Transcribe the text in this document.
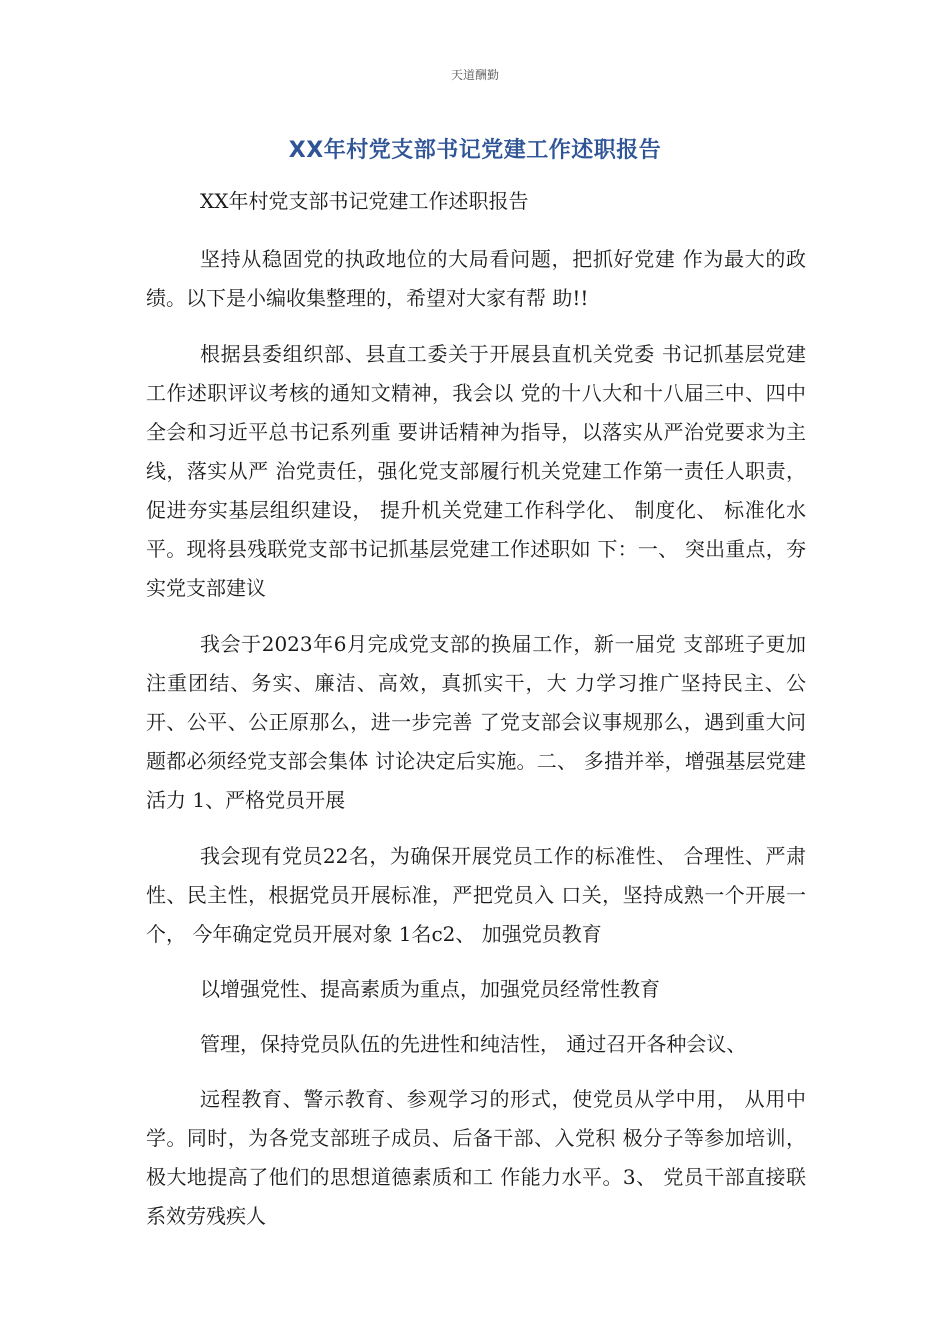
天道酬勤
XX年村党支部书记党建工作述职报告

XX年村党支部书记党建工作述职报告

坚持从稳固党的执政地位的大局看问题，把抓好党建 作为最大的政绩。以下是小编收集整理的，希望对大家有帮 助!!

根据县委组织部、县直工委关于开展县直机关党委 书记抓基层党建工作述职评议考核的通知文精神，我会以 党的十八大和十八届三中、四中全会和习近平总书记系列重 要讲话精神为指导，以落实从严治党要求为主线，落实从严 治党责任，强化党支部履行机关党建工作第一责任人职责， 促进夯实基层组织建设， 提升机关党建工作科学化、 制度化、 标准化水平。现将县残联党支部书记抓基层党建工作述职如 下：一、 突出重点，夯实党支部建议

我会于2023年6月完成党支部的换届工作，新一届党 支部班子更加注重团结、务实、廉洁、高效，真抓实干，大 力学习推广坚持民主、公开、公平、公正原那么，进一步完善 了党支部会议事规那么，遇到重大问题都必须经党支部会集体 讨论决定后实施。二、 多措并举，增强基层党建活力 1、严格党员开展

我会现有党员22名，为确保开展党员工作的标准性、 合理性、严肃性、民主性，根据党员开展标准，严把党员入 口关，坚持成熟一个开展一个， 今年确定党员开展对象 1名c2、 加强党员教育

以增强党性、提高素质为重点，加强党员经常性教育

管理，保持党员队伍的先进性和纯洁性， 通过召开各种会议、

远程教育、警示教育、参观学习的形式，使党员从学中用， 从用中学。同时，为各党支部班子成员、后备干部、入党积 极分子等参加培训，极大地提高了他们的思想道德素质和工 作能力水平。3、 党员干部直接联系效劳残疾人
